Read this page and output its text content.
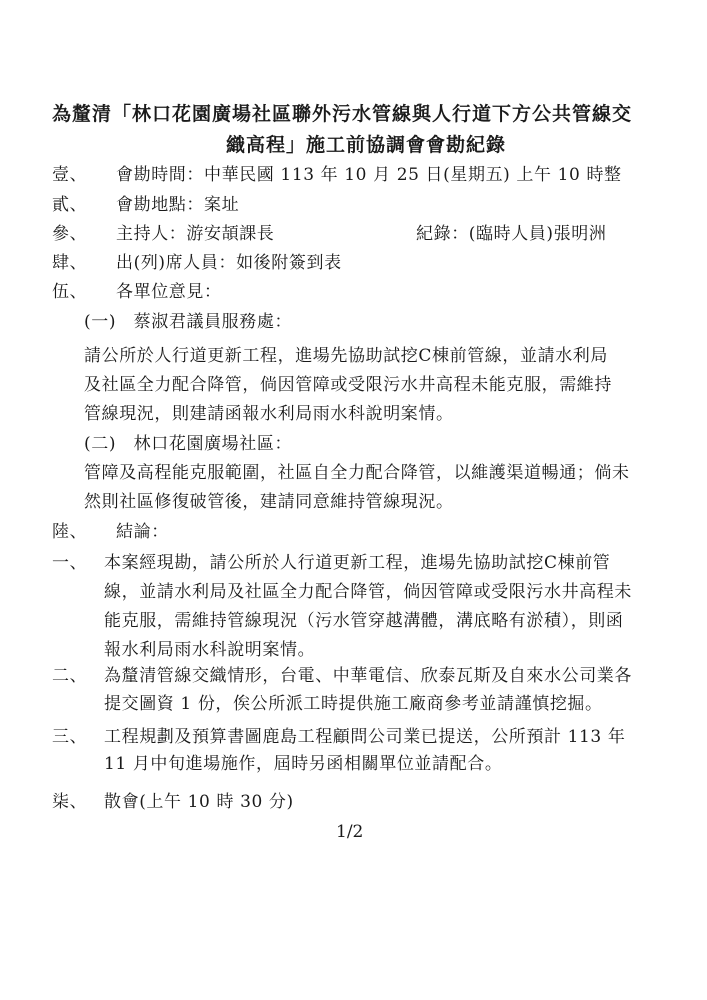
為釐清「林口花園廣場社區聯外污水管線與人行道下方公共管線交
織高程」施工前協調會會勘紀錄
壹、 會勘時間：中華民國 113 年 10 月 25 日(星期五) 上午 10 時整
貳、 會勘地點：案址
參、 主持人：游安頡課長	紀錄：(臨時人員)張明洲
肆、 出(列)席人員：如後附簽到表
伍、 各單位意見：
(一)　蔡淑君議員服務處：
請公所於人行道更新工程，進場先協助試挖C棟前管線，並請水利局
及社區全力配合降管，倘因管障或受限污水井高程未能克服，需維持
管線現況，則建請函報水利局雨水科說明案情。
(二)　林口花園廣場社區：
管障及高程能克服範圍，社區自全力配合降管，以維護渠道暢通；倘未
然則社區修復破管後，建請同意維持管線現況。
陸、 結論：
一、 本案經現勘，請公所於人行道更新工程，進場先協助試挖C棟前管
線，並請水利局及社區全力配合降管，倘因管障或受限污水井高程未
能克服，需維持管線現況（污水管穿越溝體，溝底略有淤積），則函
報水利局雨水科說明案情。
二、 為釐清管線交織情形，台電、中華電信、欣泰瓦斯及自來水公司業各
提交圖資 1 份，俟公所派工時提供施工廠商參考並請謹慎挖掘。
三、 工程規劃及預算書圖鹿島工程顧問公司業已提送，公所預計 113 年
11 月中旬進場施作，屆時另函相關單位並請配合。
柒、 散會(上午 10 時 30 分)
1/2
